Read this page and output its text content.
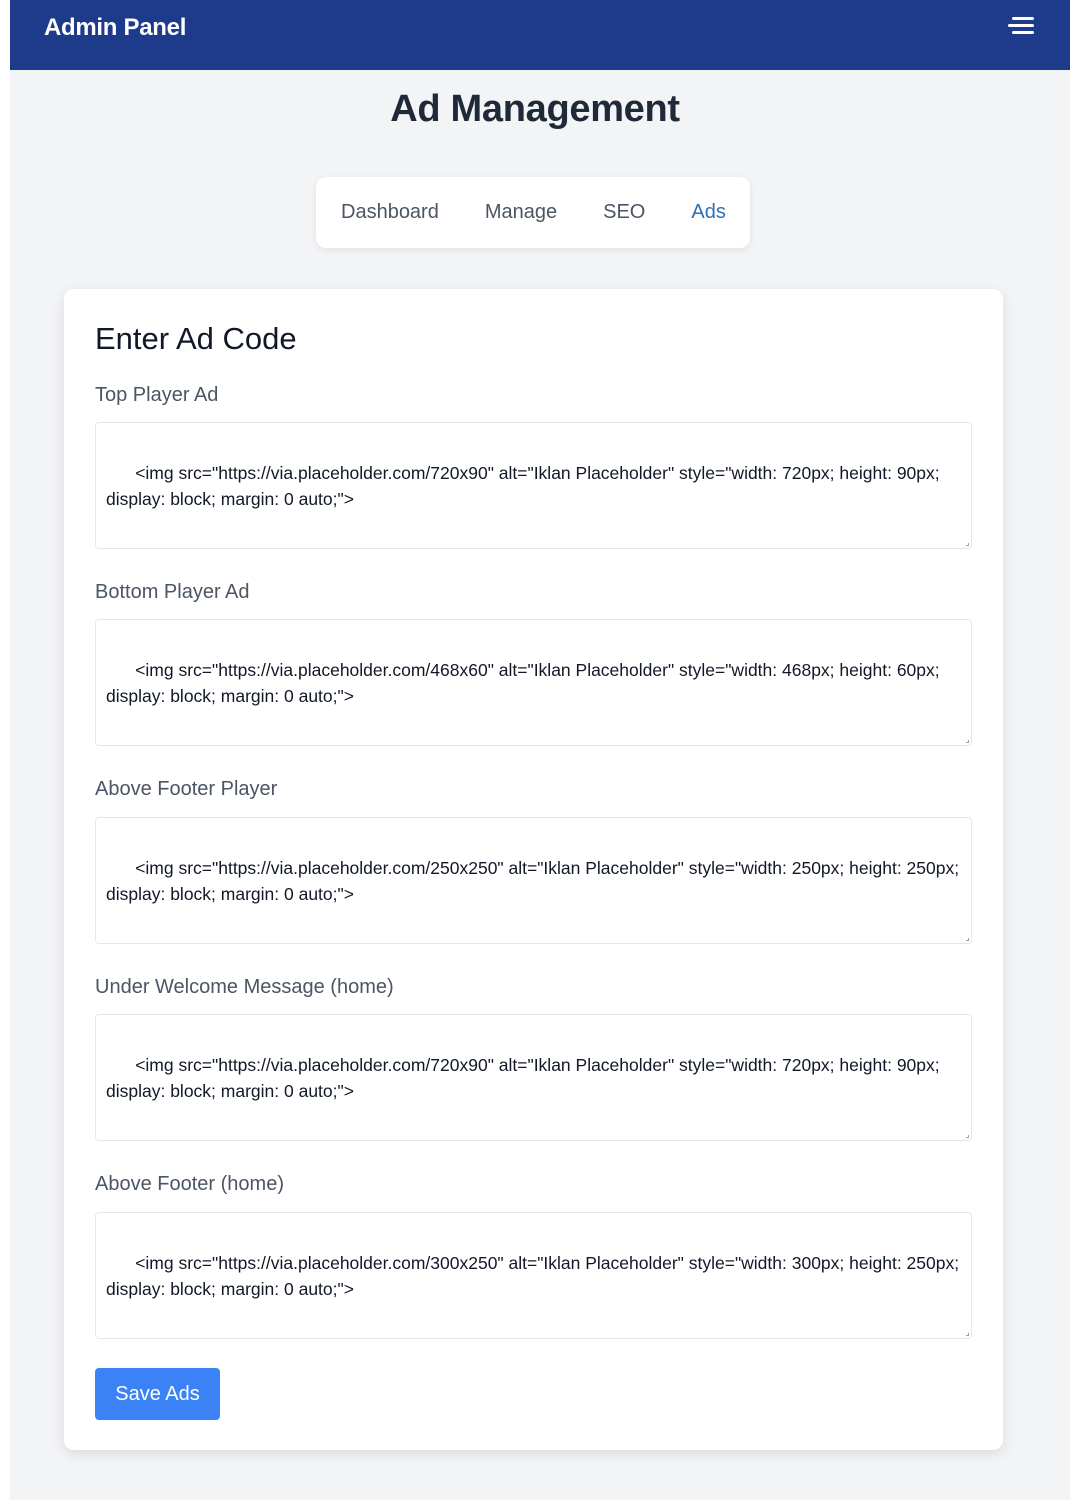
Admin Panel
Ad Management
Dashboard Manage SEO Ads
Enter Ad Code
Top Player Ad

<img src="https://via.placeholder.com/720x90" alt="Iklan Placeholder" style="width: 720px; height: 90px;
display: block; margin: 0 auto;">

Bottom Player Ad

<img src="https://via.placeholder.com/468x60" alt="Iklan Placeholder" style="width: 468px; height: 60px;
display: block; margin: 0 auto;">

Above Footer Player

<img src="https://via.placeholder.com/250x250" alt="Iklan Placeholder" style="width: 250px; height: 250px;
display: block; margin: 0 auto;">

Under Welcome Message (home)

<img src="https://via.placeholder.com/720x90" alt="Iklan Placeholder" style="width: 720px; height: 90px;
display: block; margin: 0 auto;">

Above Footer (home)

<img src="https://via.placeholder.com/300x250" alt="Iklan Placeholder" style="width: 300px; height: 250px;
display: block; margin: 0 auto;">

Save Ads
